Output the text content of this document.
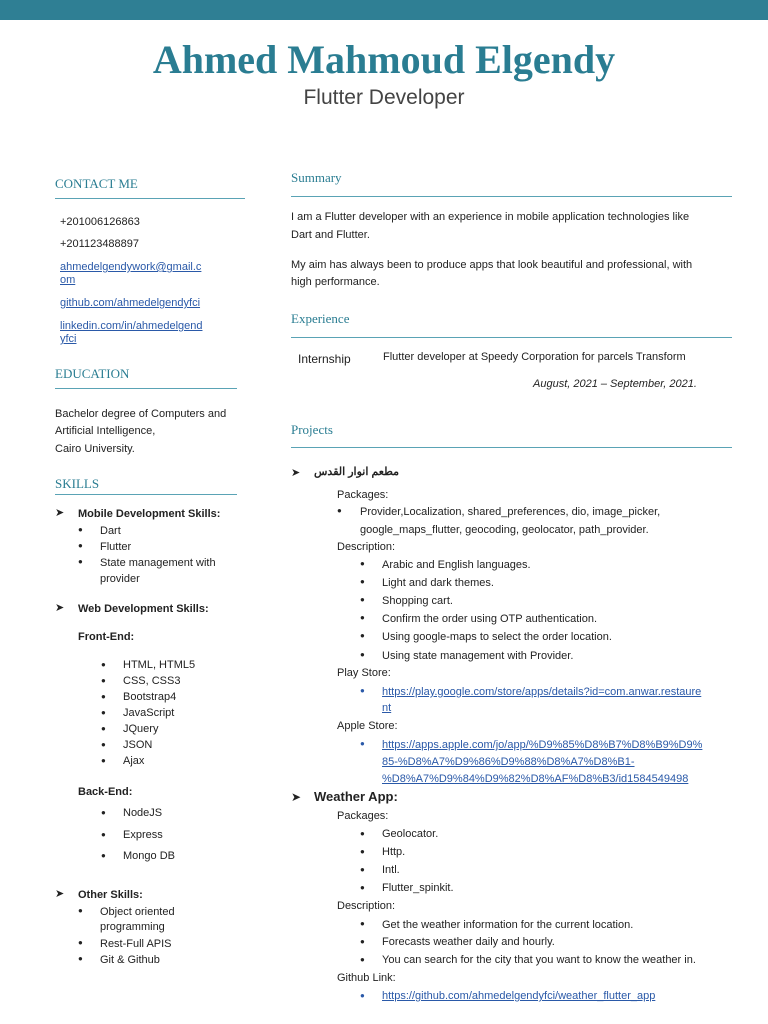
Ahmed Mahmoud Elgendy
Flutter Developer
CONTACT ME
+201006126863
+201123488897
ahmedelgendywork@gmail.c
om
github.com/ahmedelgendyfci
linkedin.com/in/ahmedelgend
yfci
EDUCATION
Bachelor degree of Computers and
Artificial Intelligence,
Cairo University.
SKILLS
➤ Mobile Development Skills:
● Dart
● Flutter
● State management with
provider
➤ Web Development Skills:
Front-End:
● HTML, HTML5
● CSS, CSS3
● Bootstrap4
● JavaScript
● JQuery
● JSON
● Ajax
Back-End:
● NodeJS
● Express
● Mongo DB
➤ Other Skills:
● Object oriented
programming
● Rest-Full APIS
● Git & Github
Summary
I am a Flutter developer with an experience in mobile application technologies like
Dart and Flutter.
My aim has always been to produce apps that look beautiful and professional, with
high performance.
Experience
Internship	Flutter developer at Speedy Corporation for parcels Transform
August, 2021 – September, 2021.
Projects
➤ مطعم انوار القدس
Packages:
● Provider,Localization, shared_preferences, dio, image_picker,
google_maps_flutter, geocoding, geolocator, path_provider.
Description:
● Arabic and English languages.
● Light and dark themes.
● Shopping cart.
● Confirm the order using OTP authentication.
● Using google-maps to select the order location.
● Using state management with Provider.
Play Store:
● https://play.google.com/store/apps/details?id=com.anwar.restaure
nt
Apple Store:
● https://apps.apple.com/jo/app/%D9%85%D8%B7%D8%B9%D9%
85-%D8%A7%D9%86%D9%88%D8%A7%D8%B1-
%D8%A7%D9%84%D9%82%D8%AF%D8%B3/id1584549498
➤ Weather App:
Packages:
● Geolocator.
● Http.
● Intl.
● Flutter_spinkit.
Description:
● Get the weather information for the current location.
● Forecasts weather daily and hourly.
● You can search for the city that you want to know the weather in.
Github Link:
● https://github.com/ahmedelgendyfci/weather_flutter_app
